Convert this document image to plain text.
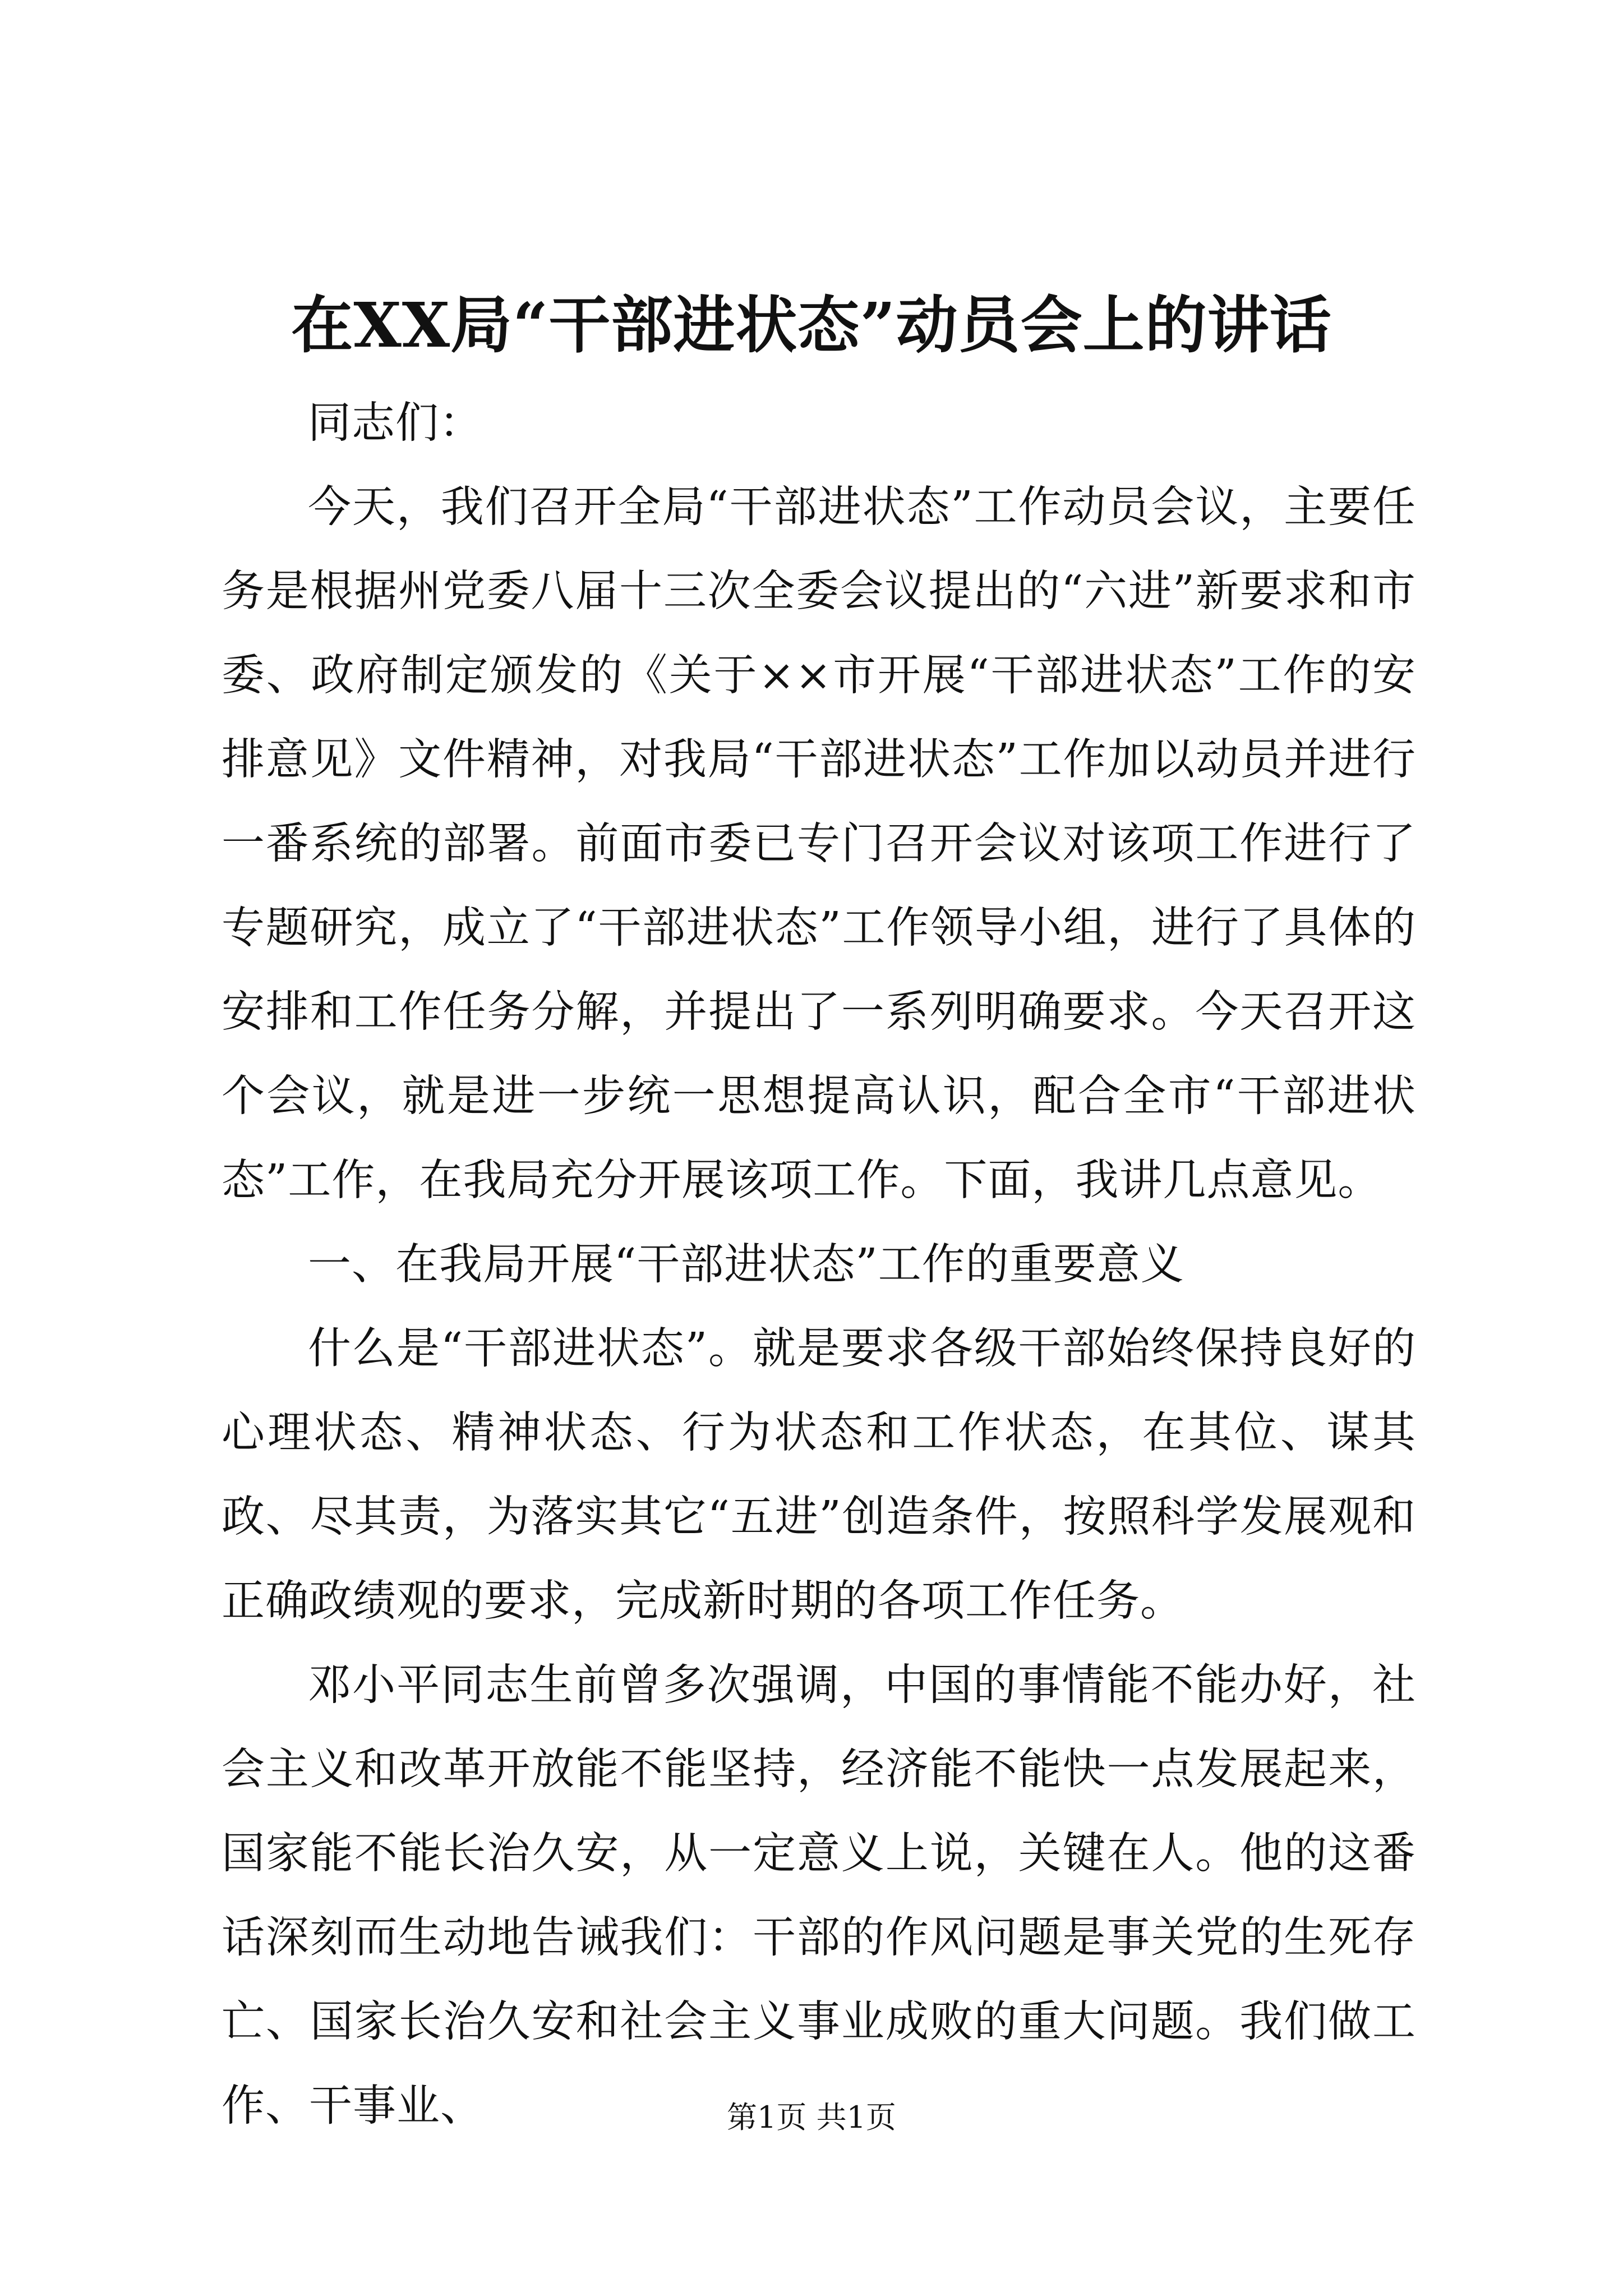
在XX局“干部进状态”动员会上的讲话

同志们：

今天，我们召开全局“干部进状态”工作动员会议，主要任务是根据州党委八届十三次全委会议提出的“六进”新要求和市委、政府制定颁发的《关于××市开展“干部进状态”工作的安排意见》文件精神，对我局“干部进状态”工作加以动员并进行一番系统的部署。前面市委已专门召开会议对该项工作进行了专题研究，成立了“干部进状态”工作领导小组，进行了具体的安排和工作任务分解，并提出了一系列明确要求。今天召开这个会议，就是进一步统一思想提高认识，配合全市“干部进状态”工作，在我局充分开展该项工作。下面，我讲几点意见。

一、在我局开展“干部进状态”工作的重要意义

什么是“干部进状态”。就是要求各级干部始终保持良好的心理状态、精神状态、行为状态和工作状态，在其位、谋其政、尽其责，为落实其它“五进”创造条件，按照科学发展观和正确政绩观的要求，完成新时期的各项工作任务。

邓小平同志生前曾多次强调，中国的事情能不能办好，社会主义和改革开放能不能坚持，经济能不能快一点发展起来，国家能不能长治久安，从一定意义上说，关键在人。他的这番话深刻而生动地告诫我们：干部的作风问题是事关党的生死存亡、国家长治久安和社会主义事业成败的重大问题。我们做工作、干事业、	第1页 共1页
